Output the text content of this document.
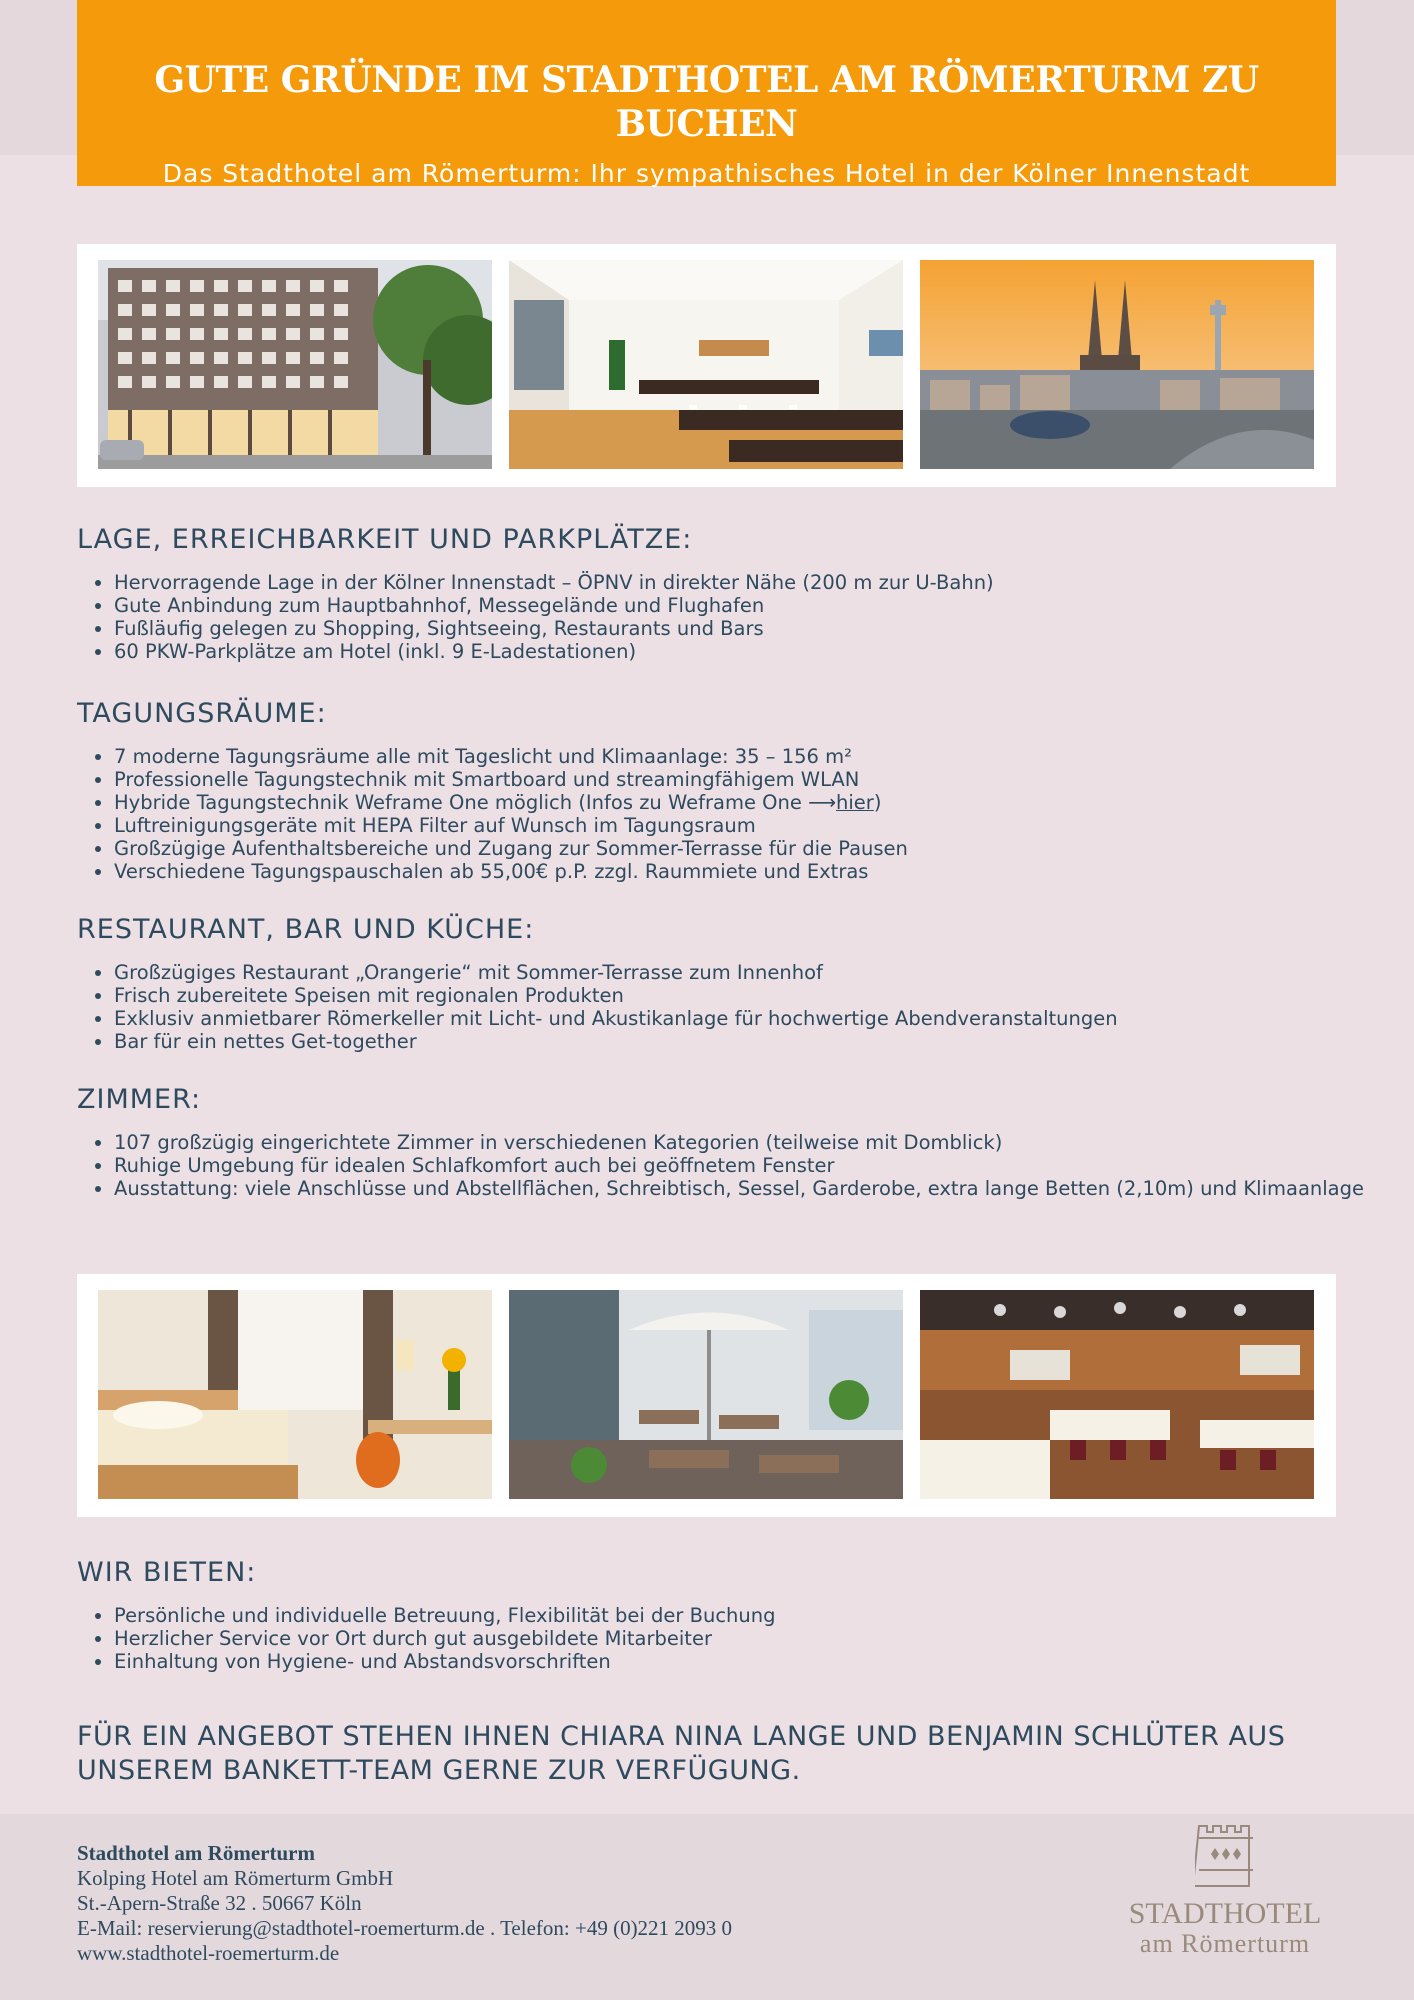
GUTE GRÜNDE IM STADTHOTEL AM RÖMERTURM ZU BUCHEN
Das Stadthotel am Römerturm: Ihr sympathisches Hotel in der Kölner Innenstadt
LAGE, ERREICHBARKEIT UND PARKPLÄTZE:
Hervorragende Lage in der Kölner Innenstadt – ÖPNV in direkter Nähe (200 m zur U-Bahn)
Gute Anbindung zum Hauptbahnhof, Messegelände und Flughafen
Fußläufig gelegen zu Shopping, Sightseeing, Restaurants und Bars
60 PKW-Parkplätze am Hotel (inkl. 9 E-Ladestationen)
TAGUNGSRÄUME:
7 moderne Tagungsräume alle mit Tageslicht und Klimaanlage: 35 – 156 m²
Professionelle Tagungstechnik mit Smartboard und streamingfähigem WLAN
Hybride Tagungstechnik Weframe One möglich (Infos zu Weframe One ⟶hier)
Luftreinigungsgeräte mit HEPA Filter auf Wunsch im Tagungsraum
Großzügige Aufenthaltsbereiche und Zugang zur Sommer-Terrasse für die Pausen
Verschiedene Tagungspauschalen ab 55,00€ p.P. zzgl. Raummiete und Extras
RESTAURANT, BAR UND KÜCHE:
Großzügiges Restaurant „Orangerie“ mit Sommer-Terrasse zum Innenhof
Frisch zubereitete Speisen mit regionalen Produkten
Exklusiv anmietbarer Römerkeller mit Licht- und Akustikanlage für hochwertige Abendveranstaltungen
Bar für ein nettes Get-together
ZIMMER:
107 großzügig eingerichtete Zimmer in verschiedenen Kategorien (teilweise mit Domblick)
Ruhige Umgebung für idealen Schlafkomfort auch bei geöffnetem Fenster
Ausstattung: viele Anschlüsse und Abstellflächen, Schreibtisch, Sessel, Garderobe, extra lange Betten (2,10m) und Klimaanlage
WIR BIETEN:
Persönliche und individuelle Betreuung, Flexibilität bei der Buchung
Herzlicher Service vor Ort durch gut ausgebildete Mitarbeiter
Einhaltung von Hygiene- und Abstandsvorschriften
FÜR EIN ANGEBOT STEHEN IHNEN CHIARA NINA LANGE UND BENJAMIN SCHLÜTER AUS UNSEREM BANKETT-TEAM GERNE ZUR VERFÜGUNG.
Stadthotel am Römerturm
Kolping Hotel am Römerturm GmbH
St.-Apern-Straße 32 . 50667 Köln
E-Mail: reservierung@stadthotel-roemerturm.de . Telefon: +49 (0)221 2093 0
www.stadthotel-roemerturm.de
STADTHOTEL
am Römerturm
